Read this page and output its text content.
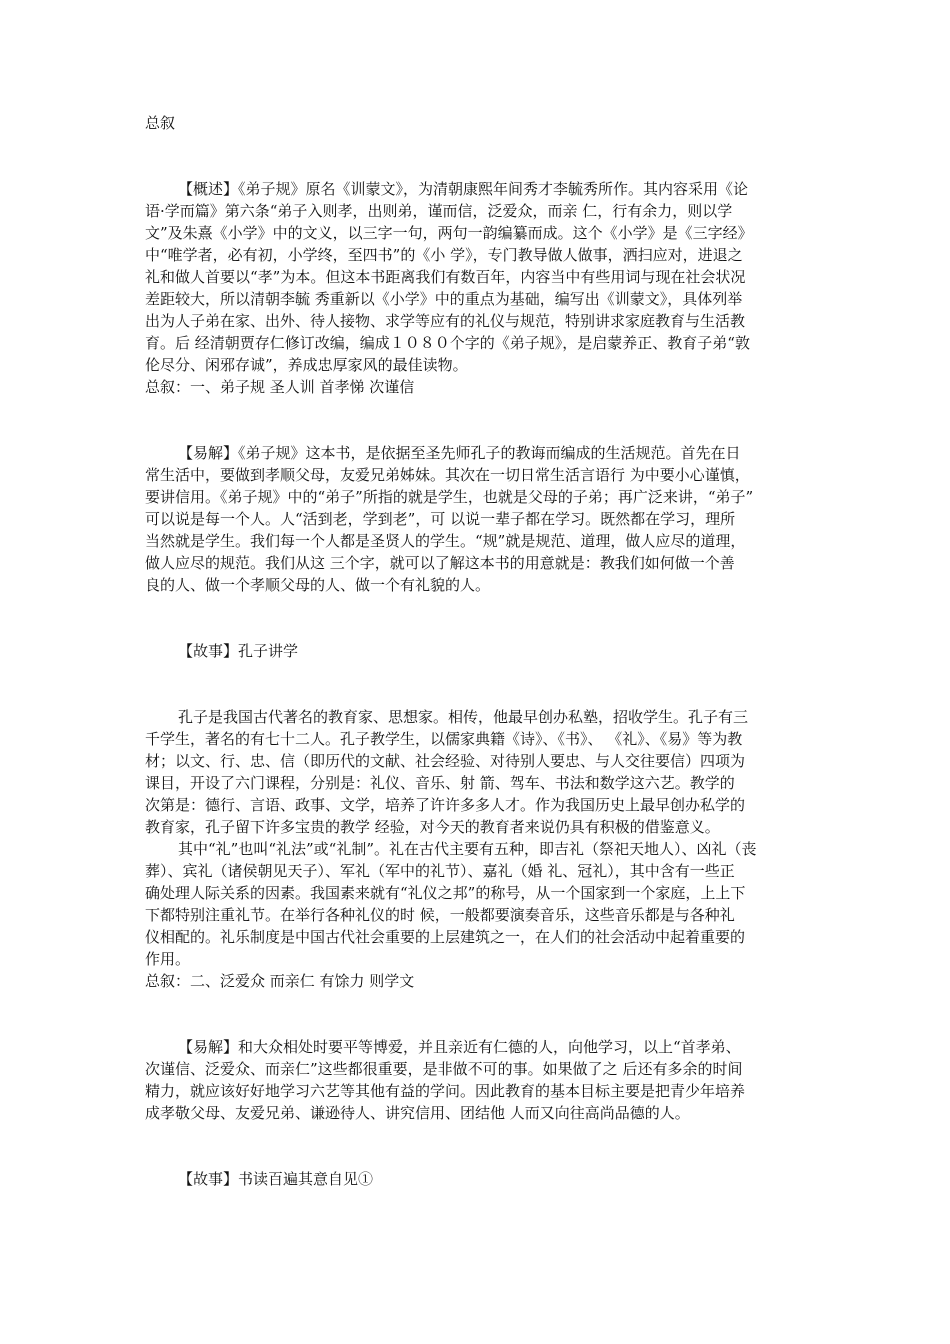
总叙

【概述】《弟子规》原名《训蒙文》，为清朝康熙年间秀才李毓秀所作。其内容采用《论

语·学而篇》第六条“弟子入则孝，出则弟，谨而信，泛爱众，而亲 仁，行有余力，则以学

文”及朱熹《小学》中的文义，以三字一句，两句一韵编纂而成。这个《小学》是《三字经》

中“唯学者，必有初，小学终，至四书”的《小 学》，专门教导做人做事，洒扫应对，进退之

礼和做人首要以“孝”为本。但这本书距离我们有数百年，内容当中有些用词与现在社会状况

差距较大，所以清朝李毓 秀重新以《小学》中的重点为基础，编写出《训蒙文》，具体列举

出为人子弟在家、出外、待人接物、求学等应有的礼仪与规范，特别讲求家庭教育与生活教

育。后 经清朝贾存仁修订改编，编成１０８０个字的《弟子规》，是启蒙养正、教育子弟“敦

伦尽分、闲邪存诚”，养成忠厚家风的最佳读物。

总叙：一、弟子规 圣人训 首孝悌 次谨信

【易解】《弟子规》这本书，是依据至圣先师孔子的教诲而编成的生活规范。首先在日

常生活中，要做到孝顺父母，友爱兄弟姊妹。其次在一切日常生活言语行 为中要小心谨慎，

要讲信用。《弟子规》中的“弟子”所指的就是学生，也就是父母的子弟；再广泛来讲，“弟子”

可以说是每一个人。人“活到老，学到老”，可 以说一辈子都在学习。既然都在学习，理所

当然就是学生。我们每一个人都是圣贤人的学生。“规”就是规范、道理，做人应尽的道理，

做人应尽的规范。我们从这 三个字，就可以了解这本书的用意就是：教我们如何做一个善

良的人、做一个孝顺父母的人、做一个有礼貌的人。

【故事】孔子讲学

孔子是我国古代著名的教育家、思想家。相传，他最早创办私塾，招收学生。孔子有三

千学生，著名的有七十二人。孔子教学生，以儒家典籍《诗》、《书》、 《礼》、《易》等为教

材；以文、行、忠、信（即历代的文献、社会经验、对待别人要忠、与人交往要信）四项为

课目，开设了六门课程，分别是：礼仪、音乐、射 箭、驾车、书法和数学这六艺。教学的

次第是：德行、言语、政事、文学，培养了许许多多人才。作为我国历史上最早创办私学的

教育家，孔子留下许多宝贵的教学 经验，对今天的教育者来说仍具有积极的借鉴意义。

其中“礼”也叫“礼法”或“礼制”。礼在古代主要有五种，即吉礼（祭祀天地人）、凶礼（丧

葬）、宾礼（诸侯朝见天子）、军礼（军中的礼节）、嘉礼（婚 礼、冠礼），其中含有一些正

确处理人际关系的因素。我国素来就有“礼仪之邦”的称号，从一个国家到一个家庭，上上下

下都特别注重礼节。在举行各种礼仪的时 候，一般都要演奏音乐，这些音乐都是与各种礼

仪相配的。礼乐制度是中国古代社会重要的上层建筑之一，在人们的社会活动中起着重要的

作用。

总叙：二、泛爱众 而亲仁 有馀力 则学文

【易解】和大众相处时要平等博爱，并且亲近有仁德的人，向他学习，以上“首孝弟、

次谨信、泛爱众、而亲仁”这些都很重要，是非做不可的事。如果做了之 后还有多余的时间

精力，就应该好好地学习六艺等其他有益的学问。因此教育的基本目标主要是把青少年培养

成孝敬父母、友爱兄弟、谦逊待人、讲究信用、团结他 人而又向往高尚品德的人。

【故事】书读百遍其意自见①
